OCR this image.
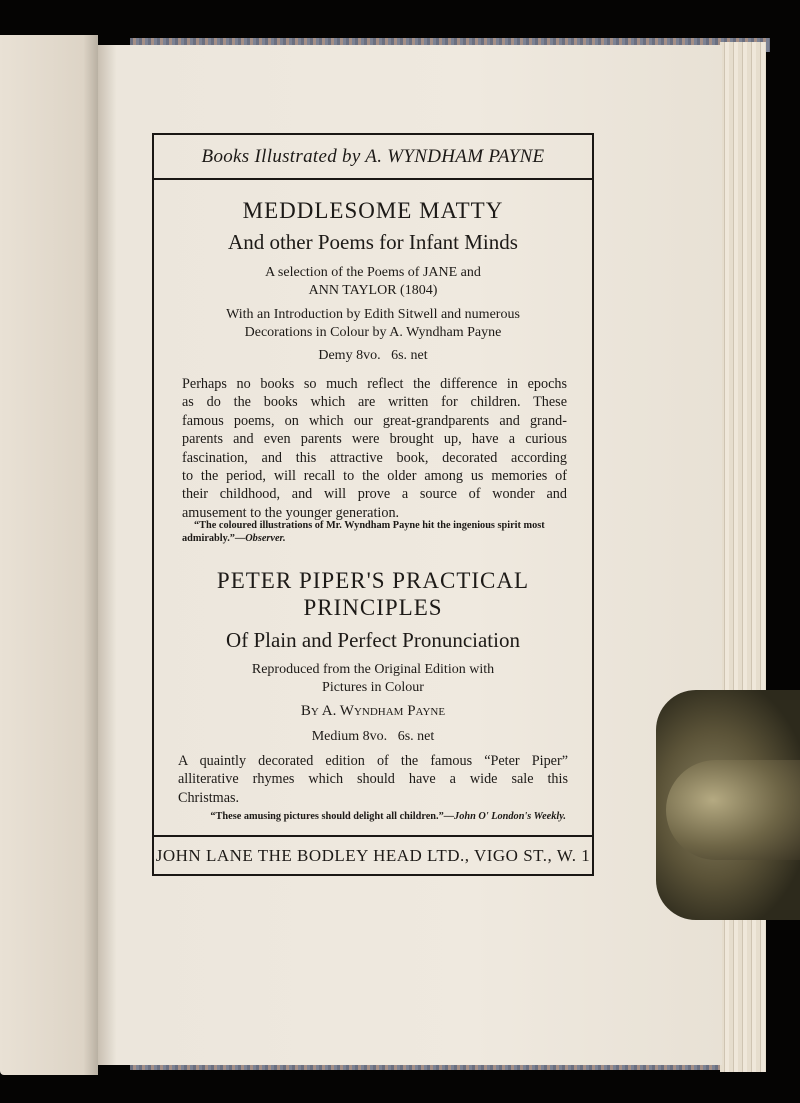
Books Illustrated by A. WYNDHAM PAYNE
MEDDLESOME MATTY
And other Poems for Infant Minds
A selection of the Poems of JANE and
ANN TAYLOR (1804)
With an Introduction by Edith Sitwell and numerous
Decorations in Colour by A. Wyndham Payne
Demy 8vo. 6s. net
Perhaps no books so much reflect the difference in epochs
as do the books which are written for children. These
famous poems, on which our great-grandparents and grand-
parents and even parents were brought up, have a curious
fascination, and this attractive book, decorated according
to the period, will recall to the older among us memories of
their childhood, and will prove a source of wonder and
amusement to the younger generation.
“The coloured illustrations of Mr. Wyndham Payne hit the ingenious spirit most admirably.”—Observer.
PETER PIPER'S PRACTICAL
PRINCIPLES
Of Plain and Perfect Pronunciation
Reproduced from the Original Edition with
Pictures in Colour
By A. Wyndham Payne
Medium 8vo. 6s. net
A quaintly decorated edition of the famous “Peter Piper”
alliterative rhymes which should have a wide sale this
Christmas.
“These amusing pictures should delight all children.”—John O' London's Weekly.
JOHN LANE THE BODLEY HEAD LTD., VIGO ST., W. 1
